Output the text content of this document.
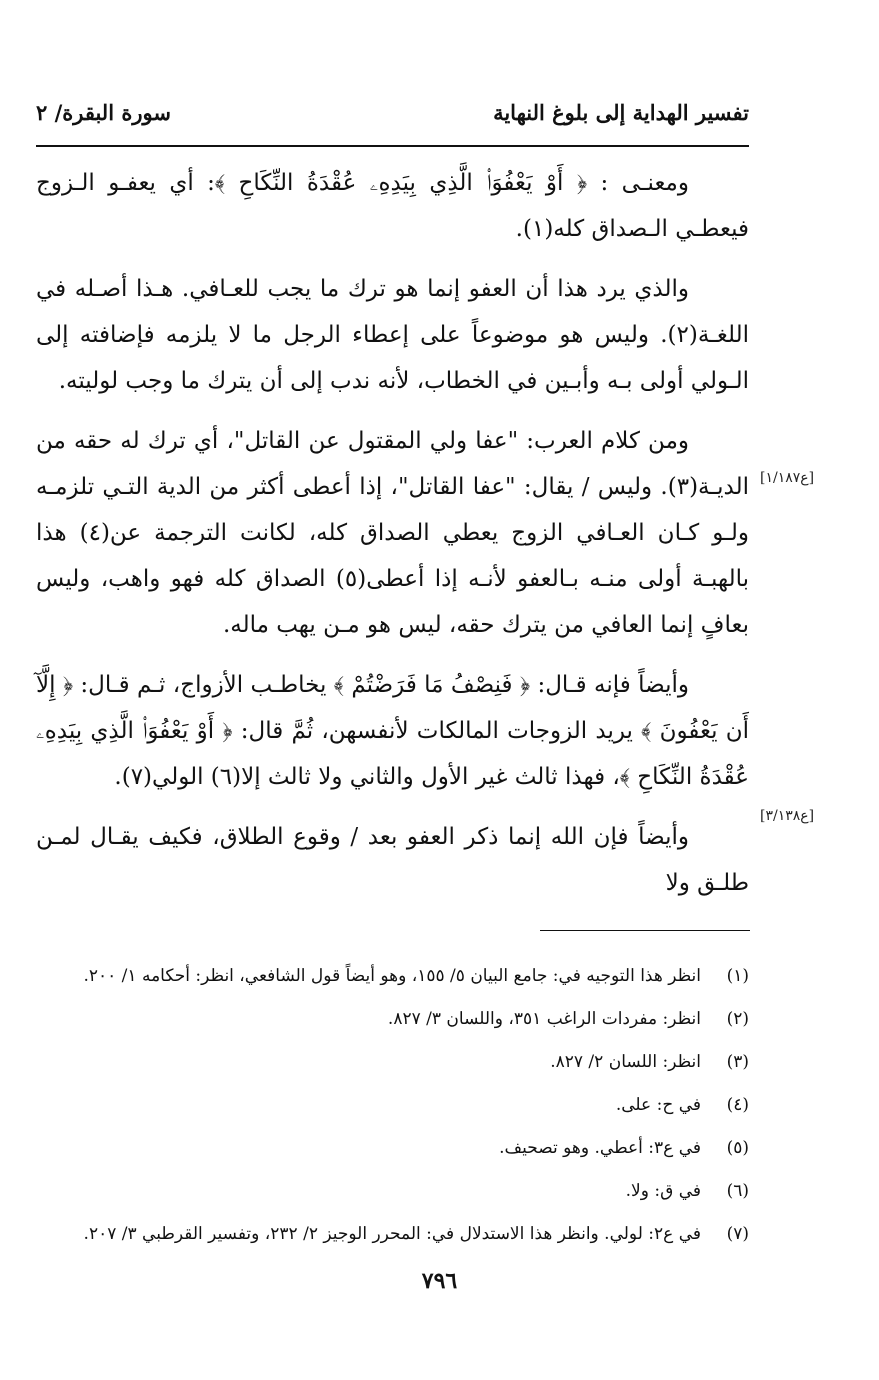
تفسير الهداية إلى بلوغ النهاية
سورة البقرة/ ٢

ومعنـى : ﴿ أَوْ يَعْفُوَا۟ الَّذِي بِيَدِهِۦ عُقْدَةُ النِّكَاحِ ﴾: أي يعفـو الـزوج فيعطـي الـصداق كله(١).

والذي يرد هذا أن العفو إنما هو ترك ما يجب للعـافي. هـذا أصـله في اللغـة(٢). وليس هو موضوعاً على إعطاء الرجل ما لا يلزمه فإضافته إلى الـولي أولى بـه وأبـين في الخطاب، لأنه ندب إلى أن يترك ما وجب لوليته.

ومن كلام العرب: "عفا ولي المقتول عن القاتل"، أي ترك له حقه من الديـة(٣). وليس / يقال: "عفا القاتل"، إذا أعطى أكثر من الدية التـي تلزمـه ولـو كـان العـافي الزوج يعطي الصداق كله، لكانت الترجمة عن(٤) هذا بالهبـة أولى منـه بـالعفو لأنـه إذا أعطى(٥) الصداق كله فهو واهب، وليس بعافٍ إنما العافي من يترك حقه، ليس هو مـن يهب ماله.

وأيضاً فإنه قـال: ﴿ فَنِصْفُ مَا فَرَضْتُمْ ﴾ يخاطـب الأزواج، ثـم قـال: ﴿ إِلَّآ أَن يَعْفُونَ ﴾ يريد الزوجات المالكات لأنفسهن، ثُمَّ قال: ﴿ أَوْ يَعْفُوَا۟ الَّذِي بِيَدِهِۦ عُقْدَةُ النِّكَاحِ ﴾، فهذا ثالث غير الأول والثاني ولا ثالث إلا(٦) الولي(٧).

وأيضاً فإن الله إنما ذكر العفو بعد / وقوع الطلاق، فكيف يقـال لمـن طلـق ولا

[ع١/١٨٧]
[ع٣/١٣٨]
(١)انظر هذا التوجيه في: جامع البيان ٥/ ١٥٥، وهو أيضاً قول الشافعي، انظر: أحكامه ١/ ٢٠٠.
(٢)انظر: مفردات الراغب ٣٥١، واللسان ٣/ ٨٢٧.
(٣)انظر: اللسان ٢/ ٨٢٧.
(٤)في ح: على.
(٥)في ع٣: أعطي. وهو تصحيف.
(٦)في ق: ولا.
(٧)في ع٢: لولي. وانظر هذا الاستدلال في: المحرر الوجيز ٢/ ٢٣٢، وتفسير القرطبي ٣/ ٢٠٧.
٧٩٦
